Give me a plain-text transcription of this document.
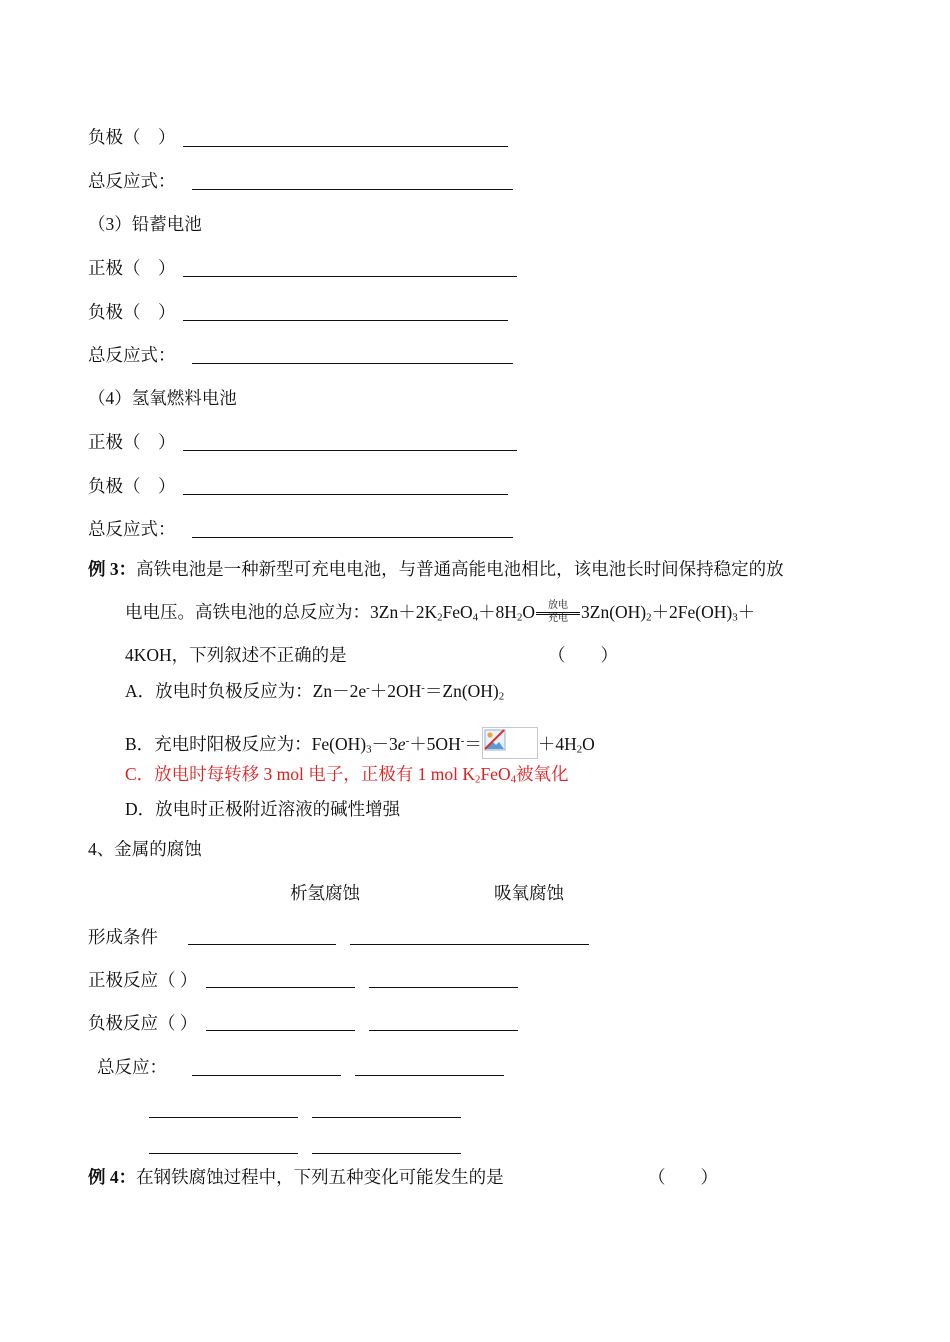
负极（　）
总反应式：
（3）铅蓄电池
正极（　）
负极（　）
总反应式：
（4）氢氧燃料电池
正极（　）
负极（　）
总反应式：
例 3：高铁电池是一种新型可充电电池，与普通高能电池相比，该电池长时间保持稳定的放
电电压。高铁电池的总反应为：$3Zn+2K_2FeO_4+8H_2O$	放电
充电 $3Zn(OH)_2+2Fe(OH)_3+$
4KOH，下列叙述不正确的是	（　　）
A．放电时负极反应为：$Zn-2e^-+2OH^-=Zn(OH)_2$
B．充电时阳极反应为：$Fe(OH)_3-3e^-+5OH^-=$	$+4H_2O$
C．放电时每转移 3 mol 电子，正极有 1 mol $K_2FeO_4$被氧化
D．放电时正极附近溶液的碱性增强
4、金属的腐蚀
析氢腐蚀	吸氧腐蚀
形成条件
正极反应（ ）
负极反应（ ）
总反应：
例 4：在钢铁腐蚀过程中，下列五种变化可能发生的是	（　　）
